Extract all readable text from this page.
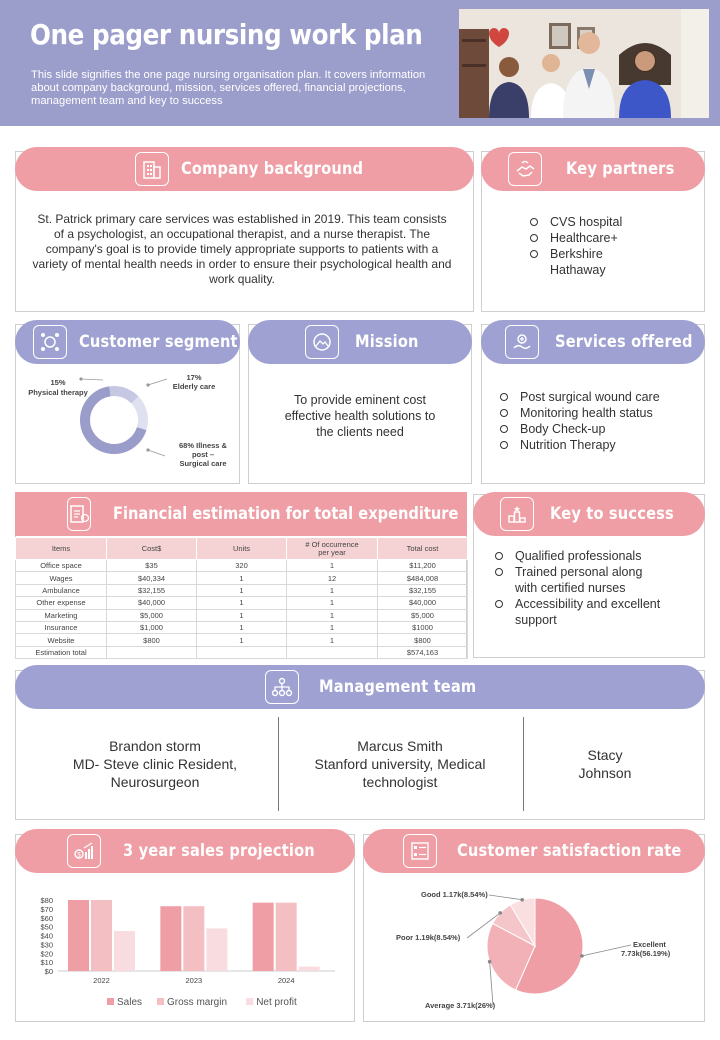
One pager nursing work plan
This slide signifies the one page nursing organisation plan. It covers information about company background, mission, services offered, financial projections, management team and key to success
Company background
St. Patrick primary care services was established in 2019. This team consists of a psychologist, an occupational therapist, and a nurse therapist. The company's goal is to provide timely appropriate supports to patients with a variety of mental health needs in order to ensure their psychological health and work quality.
Key partners
CVS hospital
Healthcare+
Berkshire Hathaway
Customer segment
15%
Physical therapy
17%
Elderly care
68% Illness &
post –
Surgical care
Mission
To provide eminent cost effective health solutions to the clients need
Services offered
Post surgical wound care
Monitoring health status
Body Check-up
Nutrition Therapy
Financial estimation for total expenditure
Items	Cost$	Units	# Of occurrence per year	Total cost
Office space	$35	320	1	$11,200
Wages	$40,334	1	12	$484,008
Ambulance	$32,155	1	1	$32,155
Other expense	$40,000	1	1	$40,000
Marketing	$5,000	1	1	$5,000
Insurance	$1,000	1	1	$1000
Website	$800	1	1	$800
Estimation total				$574,163
Key to success
Qualified professionals
Trained personal along with certified nurses
Accessibility and excellent support
Management team
Brandon storm
MD- Steve clinic Resident, Neurosurgeon
Marcus Smith
Stanford university, Medical technologist
Stacy
Johnson
$ 3 year sales projection
$0
$10
$20
$30
$40
$50
$60
$70
$80
2022	2023	2024
Sales Gross margin	Net profit
Customer satisfaction rate
Excellent
7.73k(56.19%)
Average 3.71k(26%)
Poor 1.19k(8.54%)
Good 1.17k(8.54%)
